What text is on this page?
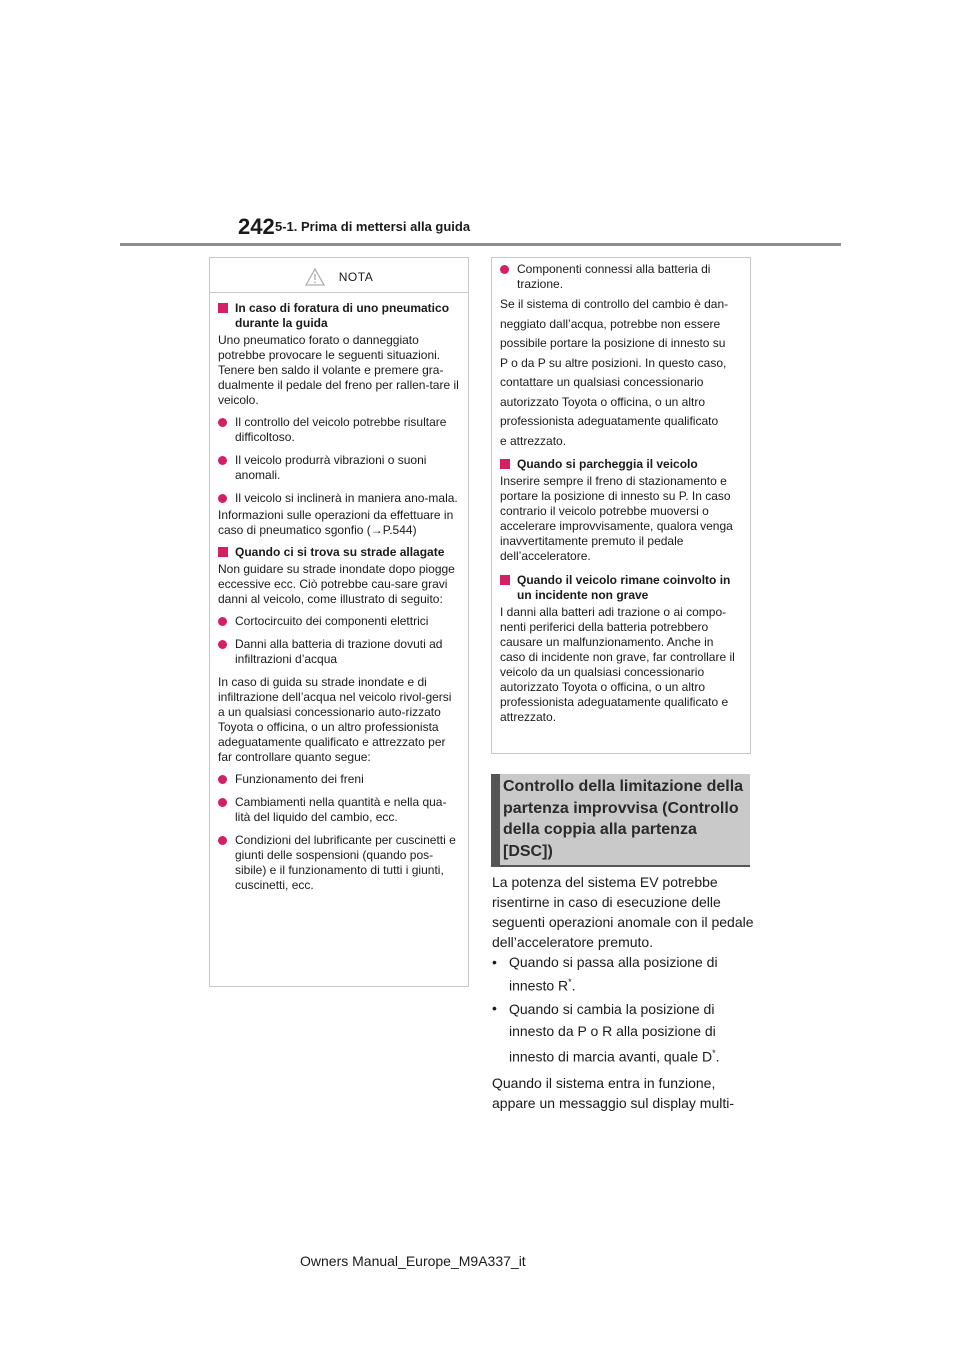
242 5-1. Prima di mettersi alla guida
NOTA
In caso di foratura di uno pneumatico durante la guida

Uno pneumatico forato o danneggiato potrebbe provocare le seguenti situazioni. Tenere ben saldo il volante e premere gra-dualmente il pedale del freno per rallen-tare il veicolo.

Il controllo del veicolo potrebbe risultare difficoltoso.
Il veicolo produrrà vibrazioni o suoni anomali.
Il veicolo si inclinerà in maniera ano-mala.

Informazioni sulle operazioni da effettuare in caso di pneumatico sgonfio (→P.544)

Quando ci si trova su strade allagate

Non guidare su strade inondate dopo piogge eccessive ecc. Ciò potrebbe cau-sare gravi danni al veicolo, come illustrato di seguito:

Cortocircuito dei componenti elettrici
Danni alla batteria di trazione dovuti ad infiltrazioni d’acqua

In caso di guida su strade inondate e di infiltrazione dell’acqua nel veicolo rivol-gersi a un qualsiasi concessionario auto-rizzato Toyota o officina, o un altro professionista adeguatamente qualificato e attrezzato per far controllare quanto segue:

Funzionamento dei freni
Cambiamenti nella quantità e nella qua-lità del liquido del cambio, ecc.
Condizioni del lubrificante per cuscinetti e giunti delle sospensioni (quando pos-sibile) e il funzionamento di tutti i giunti, cuscinetti, ecc.
Componenti connessi alla batteria di trazione.

Se il sistema di controllo del cambio è dan-

neggiato dall’acqua, potrebbe non essere

possibile portare la posizione di innesto su

P o da P su altre posizioni. In questo caso,

contattare un qualsiasi concessionario

autorizzato Toyota o officina, o un altro

professionista adeguatamente qualificato

e attrezzato.

Quando si parcheggia il veicolo

Inserire sempre il freno di stazionamento e portare la posizione di innesto su P. In caso contrario il veicolo potrebbe muoversi o accelerare improvvisamente, qualora venga inavvertitamente premuto il pedale dell’acceleratore.

Quando il veicolo rimane coinvolto in un incidente non grave

I danni alla batteri adi trazione o ai compo-nenti periferici della batteria potrebbero causare un malfunzionamento. Anche in caso di incidente non grave, far controllare il veicolo da un qualsiasi concessionario autorizzato Toyota o officina, o un altro professionista adeguatamente qualificato e attrezzato.

Controllo della limitazione della partenza improvvisa (Controllo della coppia alla partenza [DSC])

La potenza del sistema EV potrebbe risentirne in caso di esecuzione delle seguenti operazioni anomale con il pedale dell’acceleratore premuto.

• Quando si passa alla posizione di innesto R*.
• Quando si cambia la posizione di innesto da P o R alla posizione di innesto di marcia avanti, quale D*.

Quando il sistema entra in funzione, appare un messaggio sul display multi-

Owners Manual_Europe_M9A337_it
